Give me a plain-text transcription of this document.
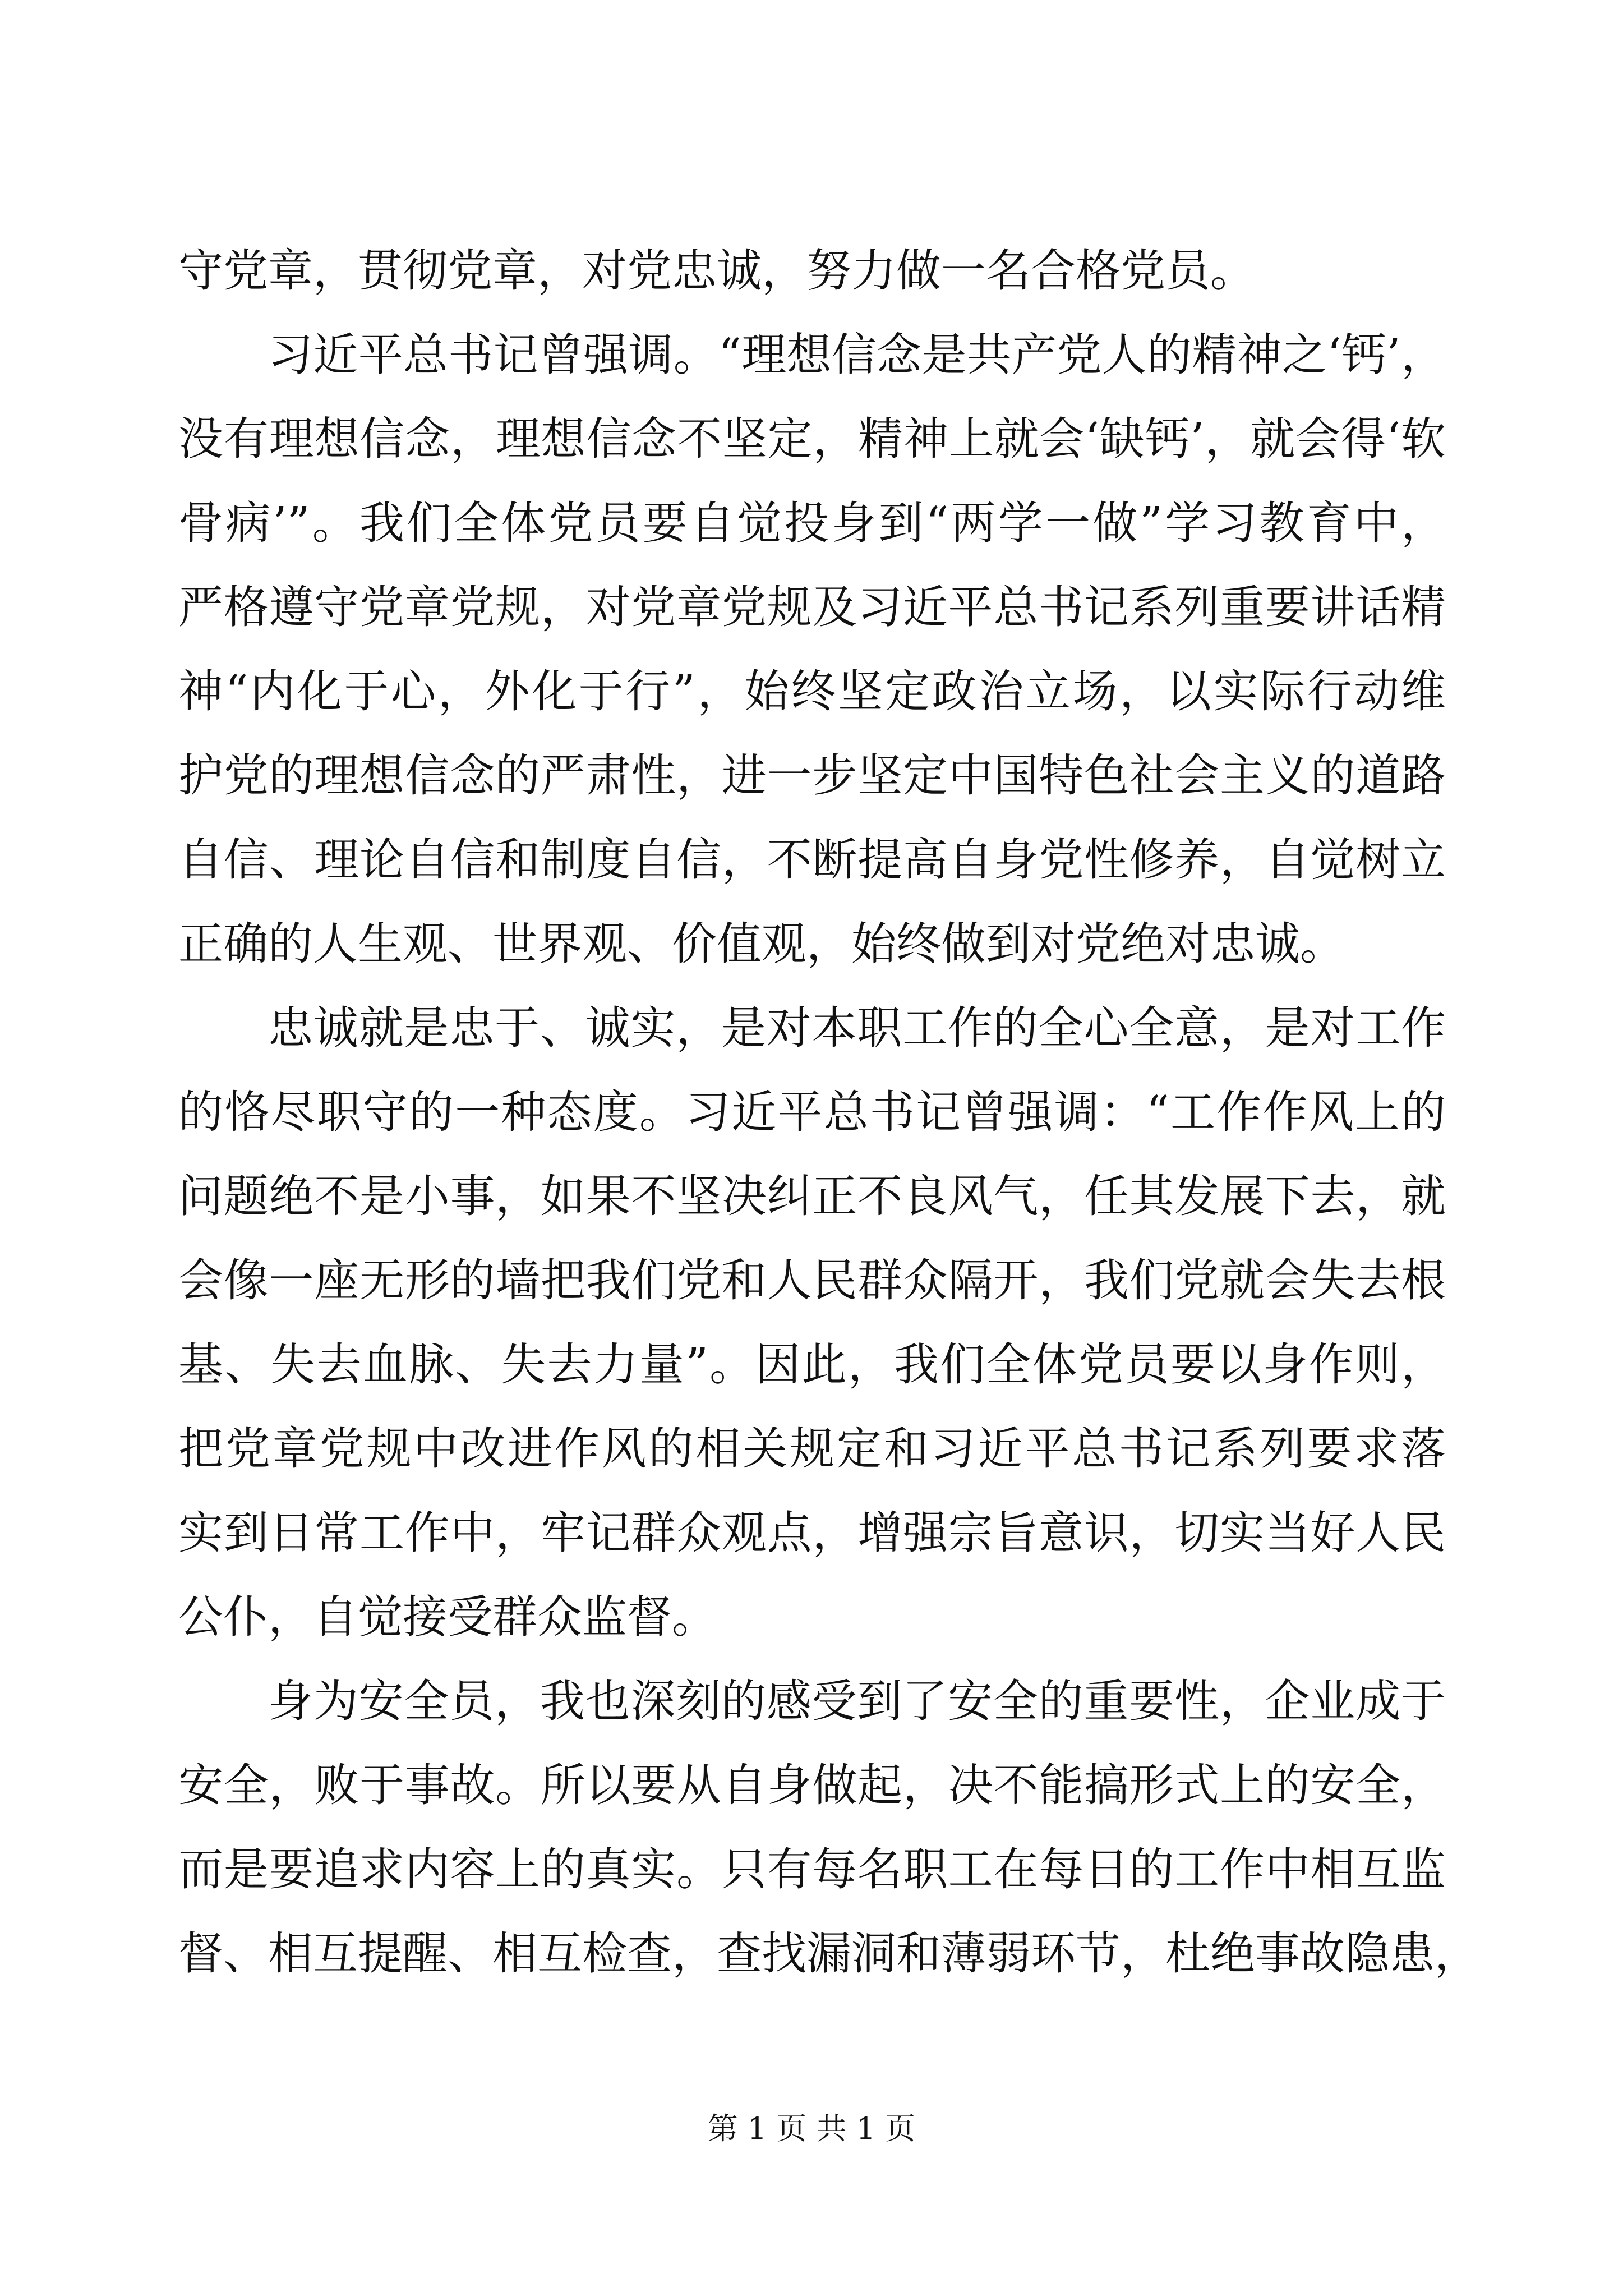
守党章，贯彻党章，对党忠诚，努力做一名合格党员。
习近平总书记曾强调。“理想信念是共产党人的精神之‘钙’，
没有理想信念，理想信念不坚定，精神上就会‘缺钙’，就会得‘软
骨病’”。我们全体党员要自觉投身到“两学一做”学习教育中，
严格遵守党章党规，对党章党规及习近平总书记系列重要讲话精
神“内化于心，外化于行”，始终坚定政治立场，以实际行动维
护党的理想信念的严肃性，进一步坚定中国特色社会主义的道路
自信、理论自信和制度自信，不断提高自身党性修养，自觉树立
正确的人生观、世界观、价值观，始终做到对党绝对忠诚。
忠诚就是忠于、诚实，是对本职工作的全心全意，是对工作
的恪尽职守的一种态度。习近平总书记曾强调：“工作作风上的
问题绝不是小事，如果不坚决纠正不良风气，任其发展下去，就
会像一座无形的墙把我们党和人民群众隔开，我们党就会失去根
基、失去血脉、失去力量”。因此，我们全体党员要以身作则，
把党章党规中改进作风的相关规定和习近平总书记系列要求落
实到日常工作中，牢记群众观点，增强宗旨意识，切实当好人民
公仆，自觉接受群众监督。
身为安全员，我也深刻的感受到了安全的重要性，企业成于
安全，败于事故。所以要从自身做起，决不能搞形式上的安全，
而是要追求内容上的真实。只有每名职工在每日的工作中相互监
督、相互提醒、相互检查，查找漏洞和薄弱环节，杜绝事故隐患，
第 1 页 共 1 页
